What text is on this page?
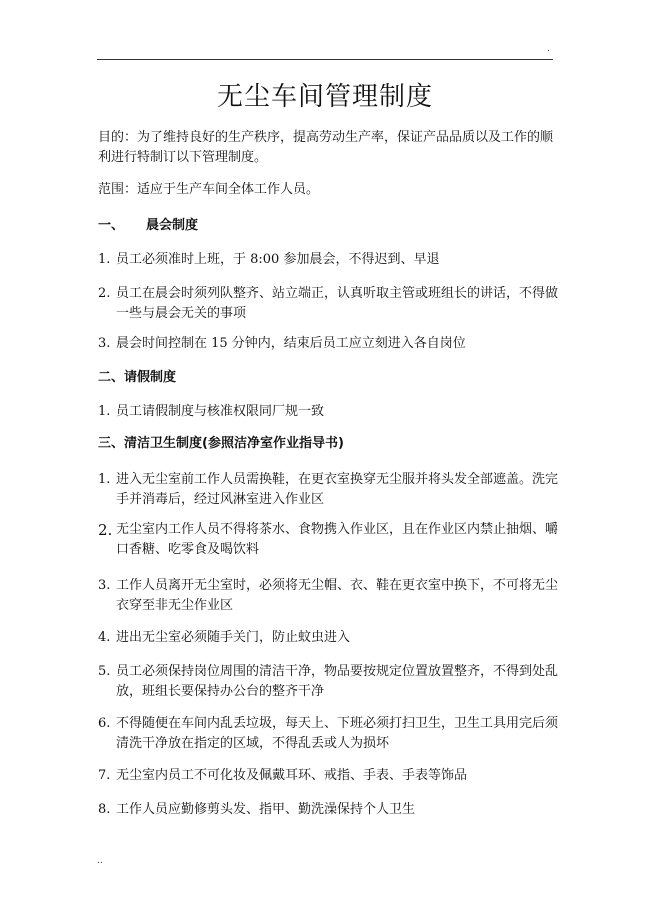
.
无尘车间管理制度
目的：为了维持良好的生产秩序，提高劳动生产率，保证产品品质以及工作的顺利进行特制订以下管理制度。
范围：适应于生产车间全体工作人员。
一、 晨会制度
1. 员工必须准时上班，于 8:00 参加晨会，不得迟到、早退
2. 员工在晨会时须列队整齐、站立端正，认真听取主管或班组长的讲话，不得做一些与晨会无关的事项
3. 晨会时间控制在 15 分钟内，结束后员工应立刻进入各自岗位
二、请假制度
1. 员工请假制度与核准权限同厂规一致
三、清洁卫生制度(参照洁净室作业指导书)
1. 进入无尘室前工作人员需换鞋，在更衣室换穿无尘服并将头发全部遮盖。洗完手并消毒后，经过风淋室进入作业区
2. 无尘室内工作人员不得将茶水、食物携入作业区，且在作业区内禁止抽烟、嚼口香糖、吃零食及喝饮料
3. 工作人员离开无尘室时，必须将无尘帽、衣、鞋在更衣室中换下，不可将无尘衣穿至非无尘作业区
4. 进出无尘室必须随手关门，防止蚊虫进入
5. 员工必须保持岗位周围的清洁干净，物品要按规定位置放置整齐，不得到处乱放，班组长要保持办公台的整齐干净
6. 不得随便在车间内乱丢垃圾，每天上、下班必须打扫卫生，卫生工具用完后须清洗干净放在指定的区域，不得乱丢或人为损坏
7. 无尘室内员工不可化妆及佩戴耳环、戒指、手表、手表等饰品
8. 工作人员应勤修剪头发、指甲、勤洗澡保持个人卫生
..
